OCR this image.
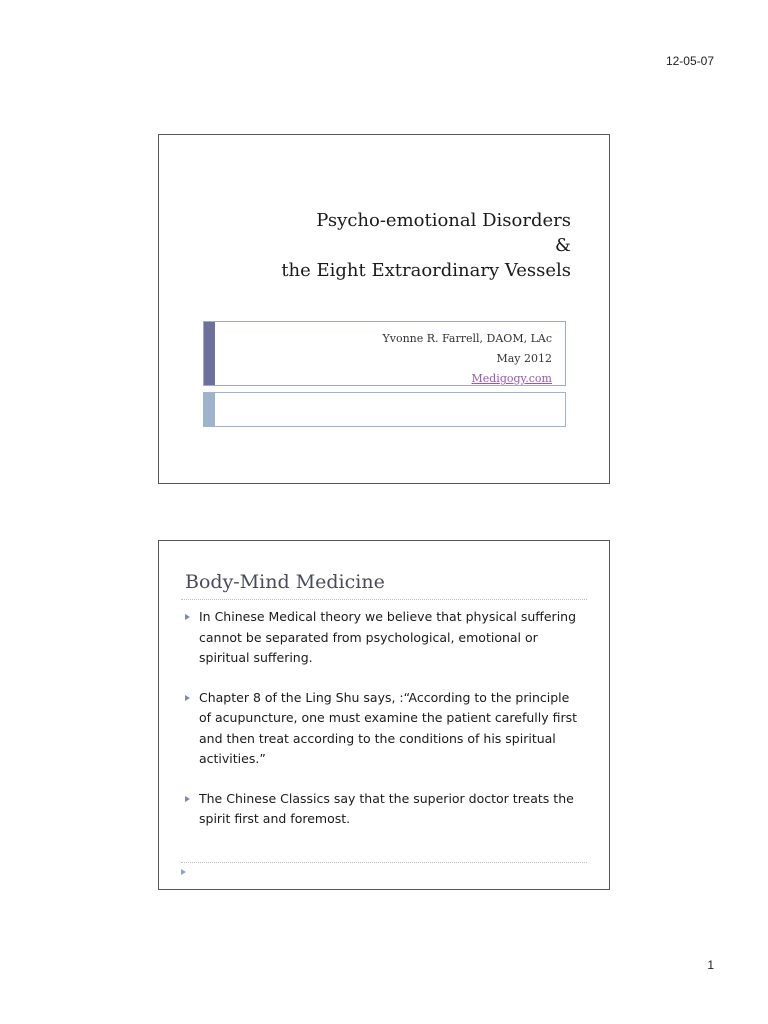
12-05-07
Psycho-emotional Disorders
&
the Eight Extraordinary Vessels
Yvonne R. Farrell, DAOM, LAc
May 2012
Medigogy.com
Body-Mind Medicine
In Chinese Medical theory we believe that physical suffering cannot be separated from psychological, emotional or spiritual suffering.
Chapter 8 of the Ling Shu says, :“According to the principle of acupuncture, one must examine the patient carefully first and then treat according to the conditions of his spiritual activities.”
The Chinese Classics say that the superior doctor treats the spirit first and foremost.
1
